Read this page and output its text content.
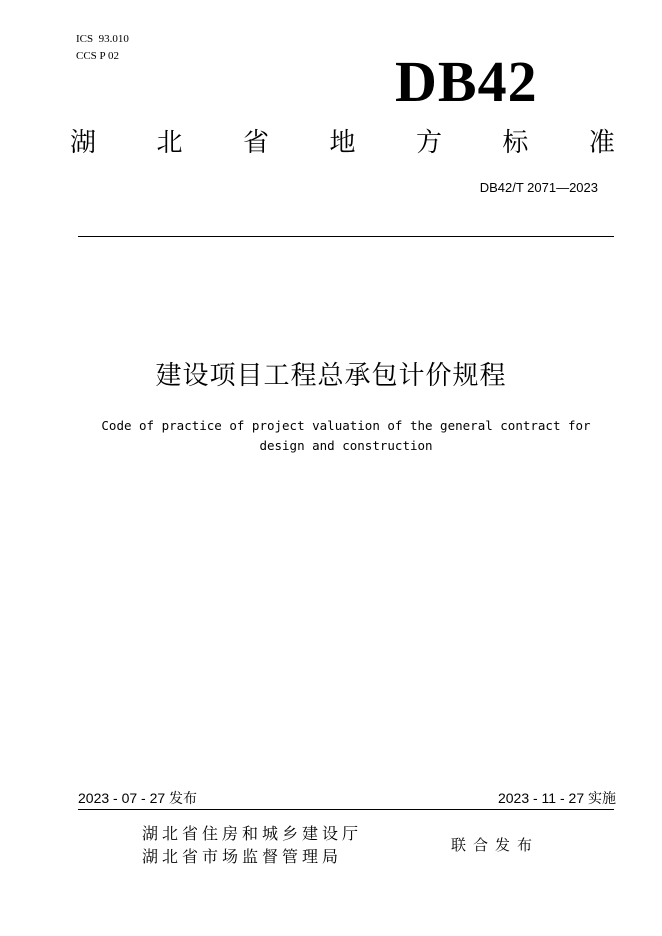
ICS  93.010
CCS P 02	DB42
湖 北 省 地 方 标 准
DB42/T 2071—2023
建设项目工程总承包计价规程
Code of practice of project valuation of the general contract for design and construction
2023 - 07 - 27 发布	2023 - 11 - 27 实施
湖北省住房和城乡建设厅
湖北省市场监督管理局
联合发布
